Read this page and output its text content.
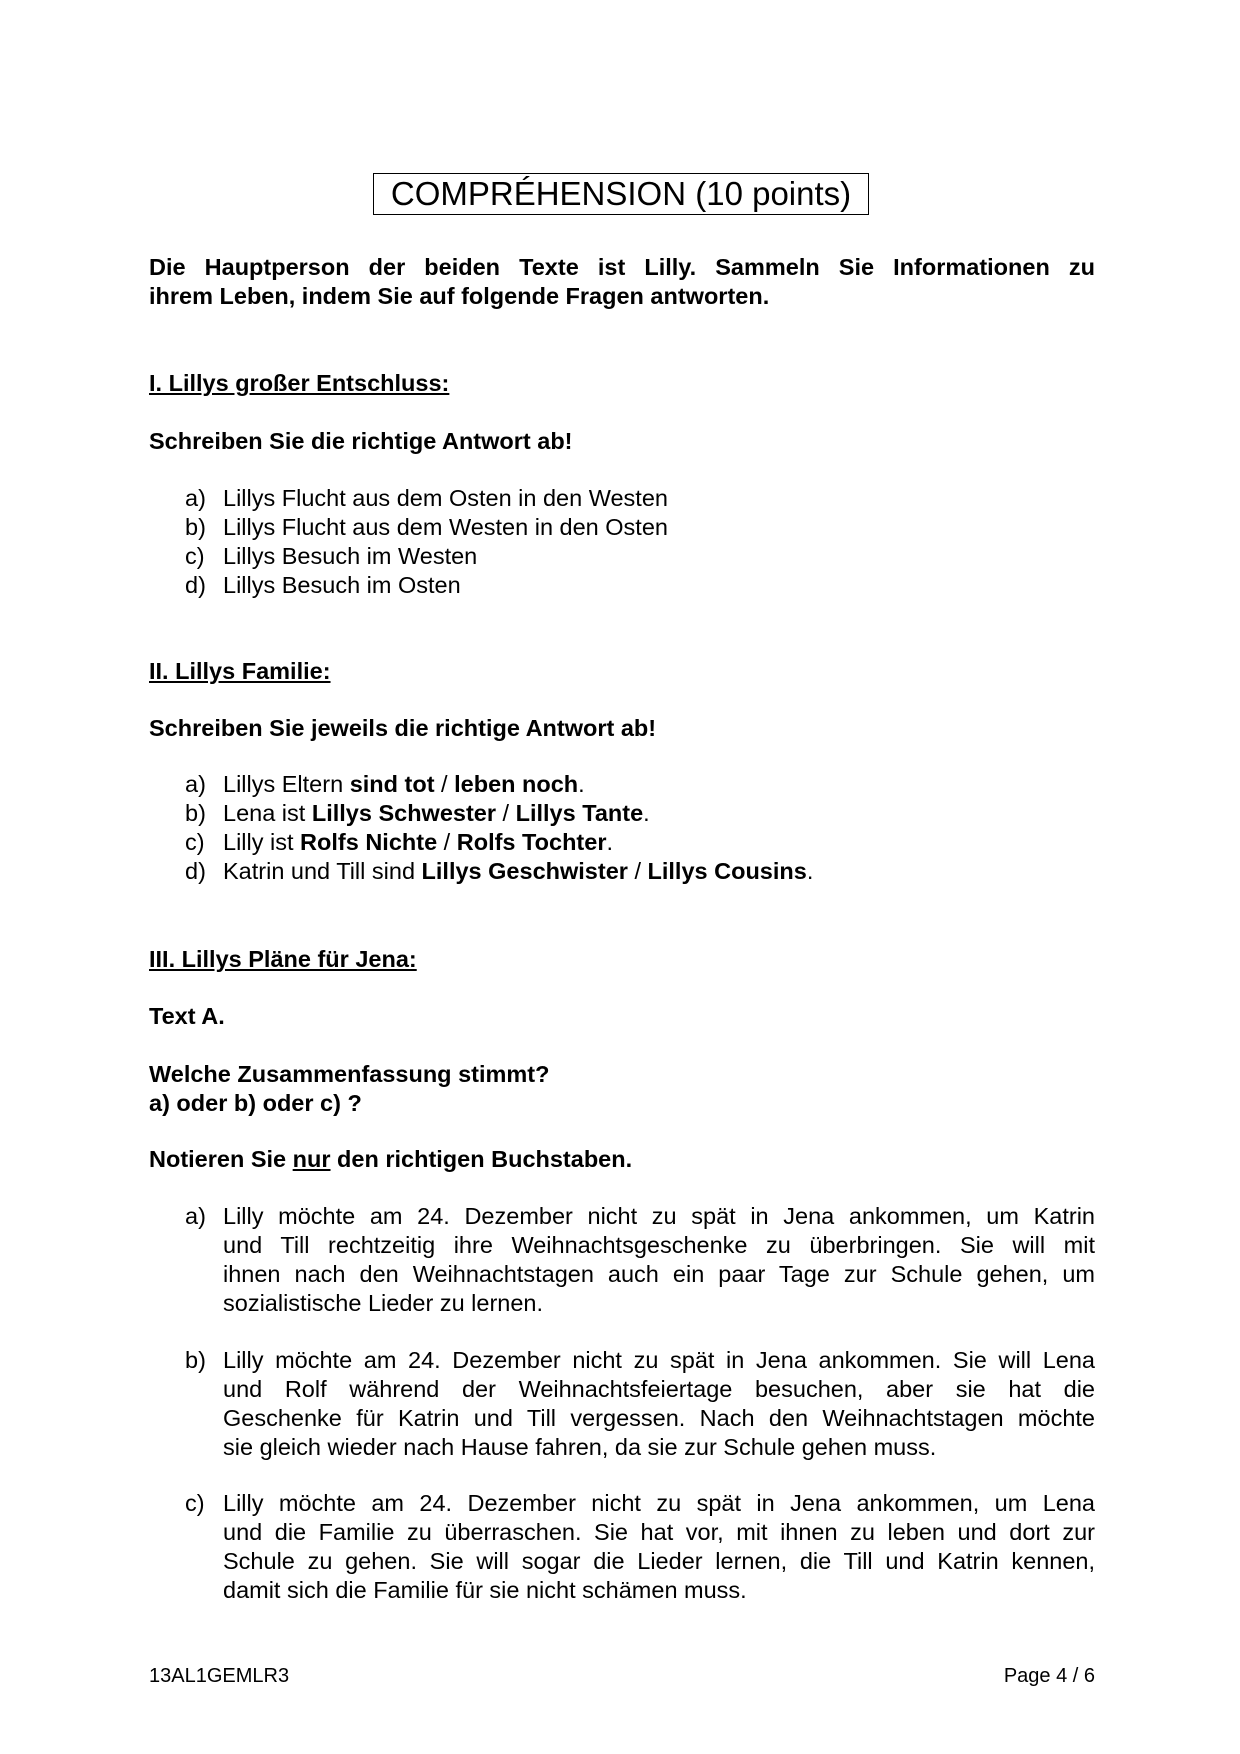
COMPRÉHENSION (10 points)
Die Hauptperson der beiden Texte ist Lilly. Sammeln Sie Informationen zu
ihrem Leben, indem Sie auf folgende Fragen antworten.
I. Lillys großer Entschluss:
Schreiben Sie die richtige Antwort ab!
a) Lillys Flucht aus dem Osten in den Westen
b) Lillys Flucht aus dem Westen in den Osten
c) Lillys Besuch im Westen
d) Lillys Besuch im Osten
II. Lillys Familie:
Schreiben Sie jeweils die richtige Antwort ab!
a) Lillys Eltern sind tot / leben noch.
b) Lena ist Lillys Schwester / Lillys Tante.
c) Lilly ist Rolfs Nichte / Rolfs Tochter.
d) Katrin und Till sind Lillys Geschwister / Lillys Cousins.
III. Lillys Pläne für Jena:
Text A.
Welche Zusammenfassung stimmt?
a) oder b) oder c) ?
Notieren Sie nur den richtigen Buchstaben.
a) Lilly möchte am 24. Dezember nicht zu spät in Jena ankommen, um Katrin
und Till rechtzeitig ihre Weihnachtsgeschenke zu überbringen. Sie will mit
ihnen nach den Weihnachtstagen auch ein paar Tage zur Schule gehen, um
sozialistische Lieder zu lernen.
b) Lilly möchte am 24. Dezember nicht zu spät in Jena ankommen. Sie will Lena
und Rolf während der Weihnachtsfeiertage besuchen, aber sie hat die
Geschenke für Katrin und Till vergessen. Nach den Weihnachtstagen möchte
sie gleich wieder nach Hause fahren, da sie zur Schule gehen muss.
c) Lilly möchte am 24. Dezember nicht zu spät in Jena ankommen, um Lena
und die Familie zu überraschen. Sie hat vor, mit ihnen zu leben und dort zur
Schule zu gehen. Sie will sogar die Lieder lernen, die Till und Katrin kennen,
damit sich die Familie für sie nicht schämen muss.
13AL1GEMLR3	Page 4 / 6
